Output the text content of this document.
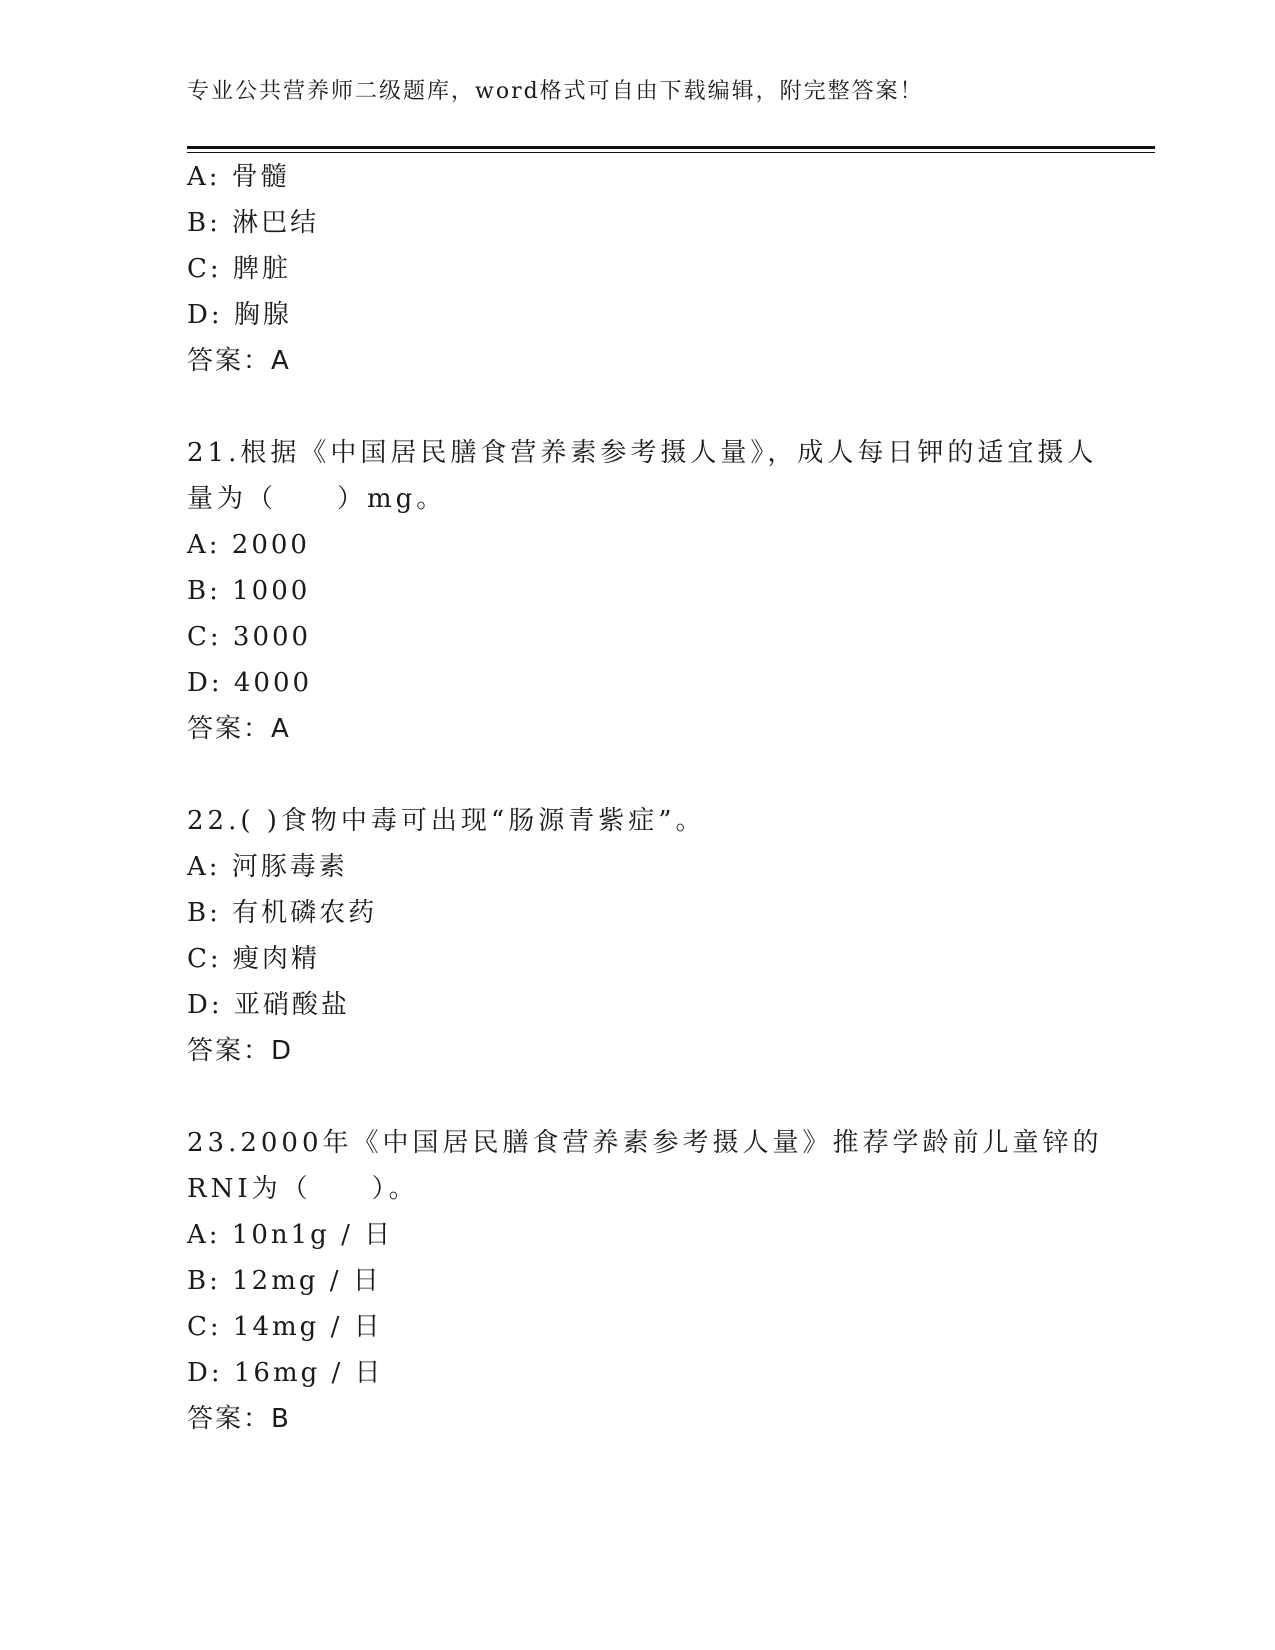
专业公共营养师二级题库，word格式可自由下载编辑，附完整答案！
A: 骨髓
B: 淋巴结
C: 脾脏
D: 胸腺
答案：A
21.根据《中国居民膳食营养素参考摄人量》，成人每日钾的适宜摄人
量为（　　）mg。
A: 2000
B: 1000
C: 3000
D: 4000
答案：A
22.( )食物中毒可出现“肠源青紫症”。
A: 河豚毒素
B: 有机磷农药
C: 瘦肉精
D: 亚硝酸盐
答案：D
23.2000年《中国居民膳食营养素参考摄人量》推荐学龄前儿童锌的
RNI为（　　）。
A: 10n1g / 日
B: 12mg / 日
C: 14mg / 日
D: 16mg / 日
答案：B
